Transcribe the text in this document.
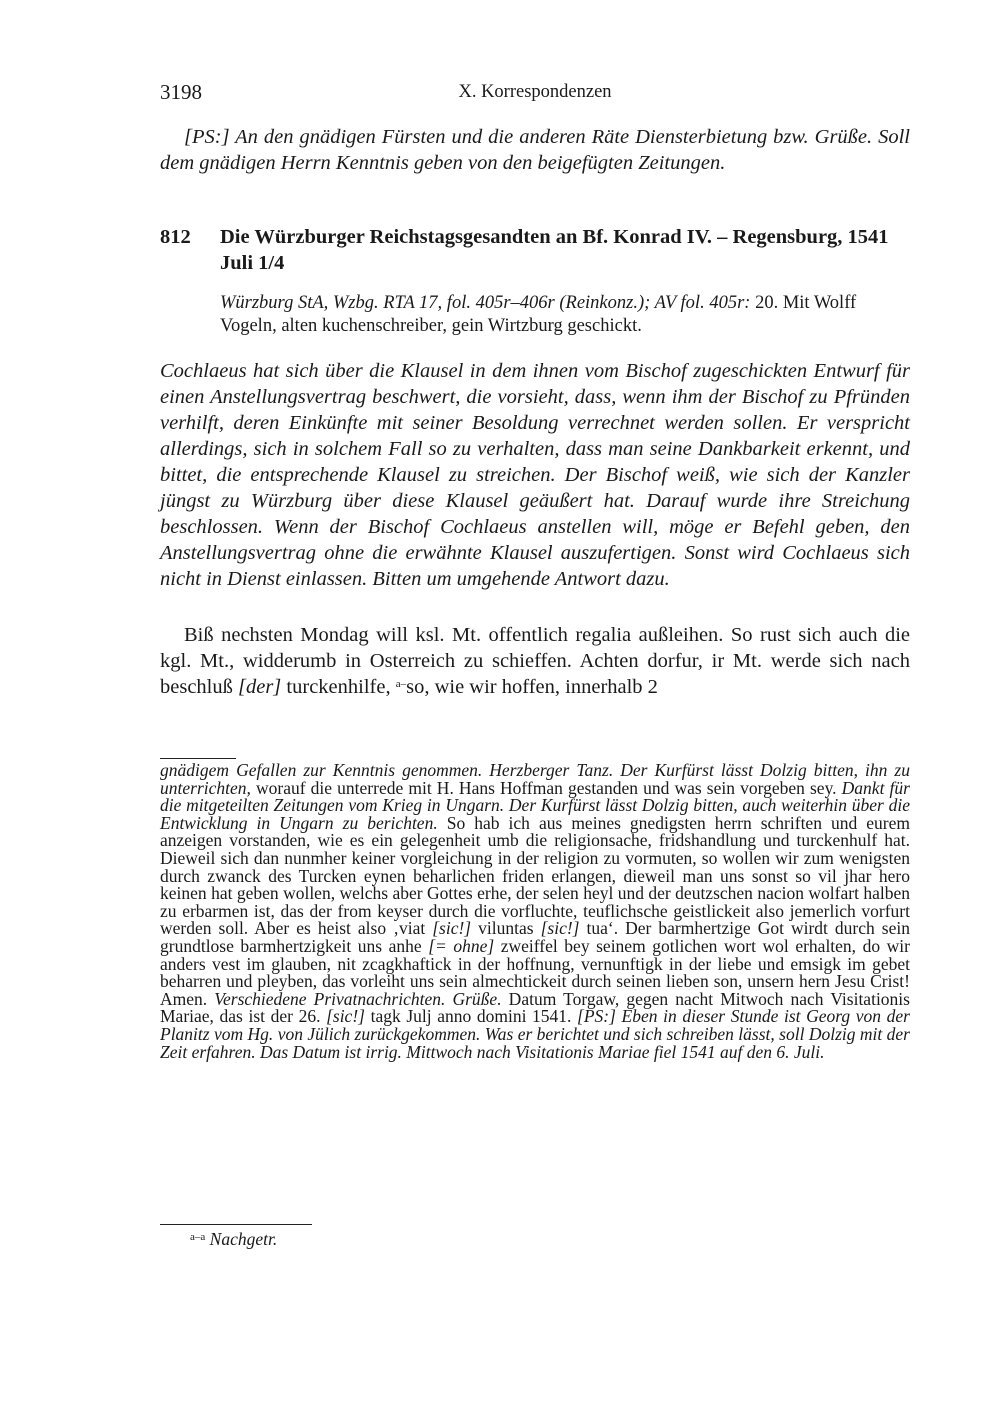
3198	X. Korrespondenzen
[PS:] An den gnädigen Fürsten und die anderen Räte Diensterbietung bzw. Grüße. Soll dem gnädigen Herrn Kenntnis geben von den beigefügten Zeitungen.
812 Die Würzburger Reichstagsgesandten an Bf. Konrad IV. – Regensburg, 1541 Juli 1/4
Würzburg StA, Wzbg. RTA 17, fol. 405r–406r (Reinkonz.); AV fol. 405r: 20. Mit Wolff Vogeln, alten kuchenschreiber, gein Wirtzburg geschickt.
Cochlaeus hat sich über die Klausel in dem ihnen vom Bischof zugeschickten Entwurf für einen Anstellungsvertrag beschwert, die vorsieht, dass, wenn ihm der Bischof zu Pfründen verhilft, deren Einkünfte mit seiner Besoldung verrechnet werden sollen. Er verspricht allerdings, sich in solchem Fall so zu verhalten, dass man seine Dankbarkeit erkennt, und bittet, die entsprechende Klausel zu streichen. Der Bischof weiß, wie sich der Kanzler jüngst zu Würzburg über diese Klausel geäußert hat. Darauf wurde ihre Streichung beschlossen. Wenn der Bischof Cochlaeus anstellen will, möge er Befehl geben, den Anstellungsvertrag ohne die erwähnte Klausel auszufertigen. Sonst wird Cochlaeus sich nicht in Dienst einlassen. Bitten um umgehende Antwort dazu.
Biß nechsten Mondag will ksl. Mt. offentlich regalia außleihen. So rust sich auch die kgl. Mt., widderumb in Osterreich zu schieffen. Achten dorfur, ir Mt. werde sich nach beschluß [der] turckenhilfe, $^{a-}$so, wie wir hoffen, innerhalb 2
gnädigem Gefallen zur Kenntnis genommen. Herzberger Tanz. Der Kurfürst lässt Dolzig bitten, ihn zu unterrichten, worauf die unterrede mit H. Hans Hoffman gestanden und was sein vorgeben sey. Dankt für die mitgeteilten Zeitungen vom Krieg in Ungarn. Der Kurfürst lässt Dolzig bitten, auch weiterhin über die Entwicklung in Ungarn zu berichten. So hab ich aus meines gnedigsten herrn schriften und eurem anzeigen vorstanden, wie es ein gelegenheit umb die religionsache, fridshandlung und turckenhulf hat. Dieweil sich dan nunmher keiner vorgleichung in der religion zu vormuten, so wollen wir zum wenigsten durch zwanck des Turcken eynen beharlichen friden erlangen, dieweil man uns sonst so vil jhar hero keinen hat geben wollen, welchs aber Gottes erhe, der selen heyl und der deutzschen nacion wolfart halben zu erbarmen ist, das der from keyser durch die vorfluchte, teuflichsche geistlickeit also jemerlich vorfurt werden soll. Aber es heist also ‚viat [sic!] viluntas [sic!] tua‘. Der barmhertzige Got wirdt durch sein grundtlose barmhertzigkeit uns anhe [= ohne] zweiffel bey seinem gotlichen wort wol erhalten, do wir anders vest im glauben, nit zcagkhaftick in der hoffnung, vernunftigk in der liebe und emsigk im gebet beharren und pleyben, das vorleiht uns sein almechtickeit durch seinen lieben son, unsern hern Jesu Crist! Amen. Verschiedene Privatnachrichten. Grüße. Datum Torgaw, gegen nacht Mitwoch nach Visitationis Mariae, das ist der 26. [sic!] tagk Julj anno domini 1541. [PS:] Eben in dieser Stunde ist Georg von der Planitz vom Hg. von Jülich zurückgekommen. Was er berichtet und sich schreiben lässt, soll Dolzig mit der Zeit erfahren. Das Datum ist irrig. Mittwoch nach Visitationis Mariae fiel 1541 auf den 6. Juli.
$^{a-a}$ Nachgetr.
